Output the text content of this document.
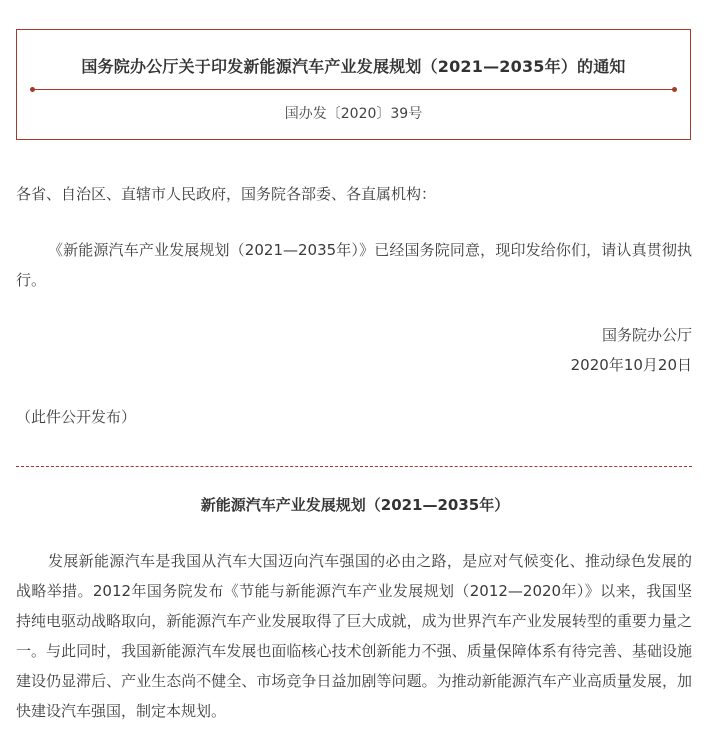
国务院办公厅关于印发新能源汽车产业发展规划（2021—2035年）的通知
国办发〔2020〕39号

各省、自治区、直辖市人民政府，国务院各部委、各直属机构：

《新能源汽车产业发展规划（2021—2035年）》已经国务院同意，现印发给你们，请认真贯彻执行。

国务院办公厅
2020年10月20日

（此件公开发布）

新能源汽车产业发展规划（2021—2035年）

发展新能源汽车是我国从汽车大国迈向汽车强国的必由之路，是应对气候变化、推动绿色发展的战略举措。2012年国务院发布《节能与新能源汽车产业发展规划（2012—2020年）》以来，我国坚持纯电驱动战略取向，新能源汽车产业发展取得了巨大成就，成为世界汽车产业发展转型的重要力量之一。与此同时，我国新能源汽车发展也面临核心技术创新能力不强、质量保障体系有待完善、基础设施建设仍显滞后、产业生态尚不健全、市场竞争日益加剧等问题。为推动新能源汽车产业高质量发展，加快建设汽车强国，制定本规划。
